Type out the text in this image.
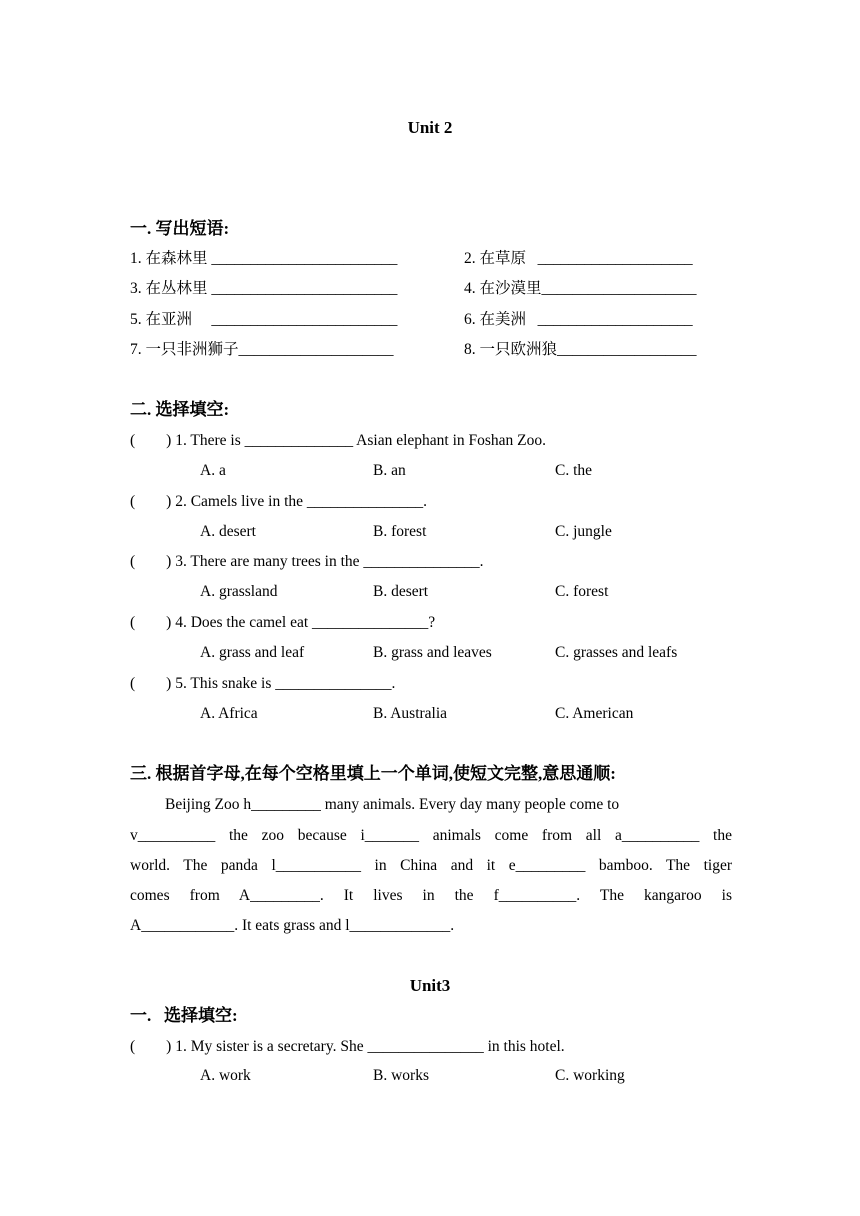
Unit 2
一. 写出短语:
1. 在森林里 ________________________	2. 在草原   ____________________
3. 在丛林里 ________________________	4. 在沙漠里____________________
5. 在亚洲     ________________________	6. 在美洲   ____________________
7. 一只非洲狮子____________________	8. 一只欧洲狼__________________
二. 选择填空:
(        ) 1. There is ______________ Asian elephant in Foshan Zoo.
A. a	B. an	C. the
(        ) 2. Camels live in the _______________.
A. desert	B. forest	C. jungle
(        ) 3. There are many trees in the _______________.
A. grassland	B. desert	C. forest
(        ) 4. Does the camel eat _______________?
A. grass and leaf	B. grass and leaves	C. grasses and leafs
(        ) 5. This snake is _______________.
A. Africa	B. Australia	C. American
三. 根据首字母,在每个空格里填上一个单词,使短文完整,意思通顺:
Beijing Zoo h_________ many animals. Every day many people come to
v__________ the zoo because i_______ animals come from all a__________ the
world. The panda l___________ in China and it e_________ bamboo. The tiger
comes from A_________. It lives in the f__________. The kangaroo is
A____________. It eats grass and l_____________.
Unit3
一.   选择填空:
(        ) 1. My sister is a secretary. She _______________ in this hotel.
A. work	B. works	C. working
